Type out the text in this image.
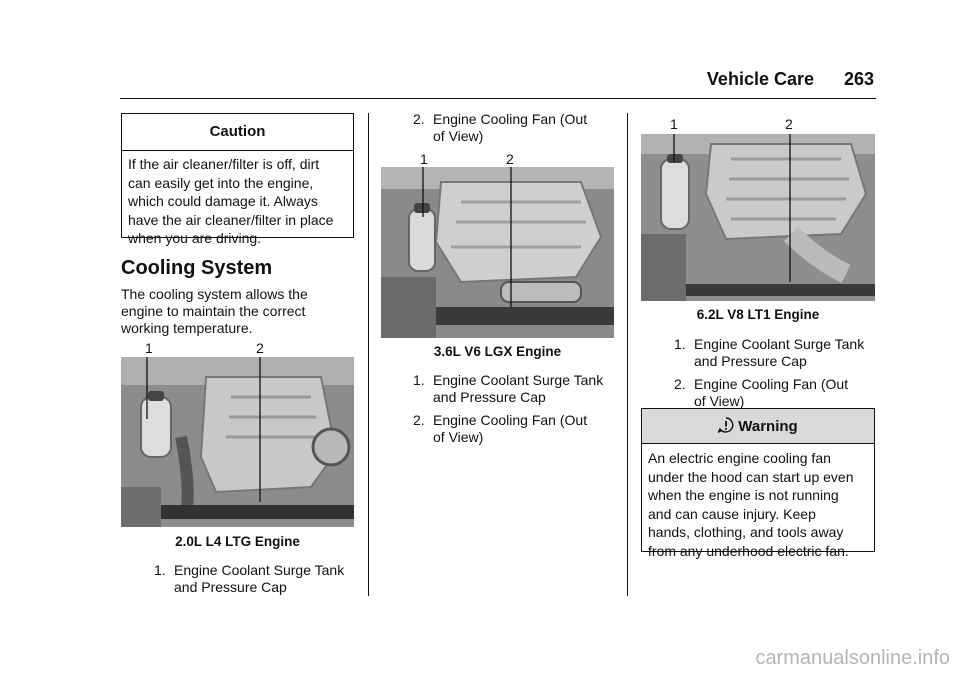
Vehicle Care 263
Caution
If the air cleaner/filter is off, dirt
can easily get into the engine,
which could damage it. Always
have the air cleaner/filter in place
when you are driving.
Cooling System
The cooling system allows the
engine to maintain the correct
working temperature.
1	2
2.0L L4 LTG Engine
1. Engine Coolant Surge Tank
and Pressure Cap
2. Engine Cooling Fan (Out
of View)
1	2
3.6L V6 LGX Engine
1. Engine Coolant Surge Tank
and Pressure Cap
2. Engine Cooling Fan (Out
of View)
1	2
6.2L V8 LT1 Engine
1. Engine Coolant Surge Tank
and Pressure Cap
2. Engine Cooling Fan (Out
of View)
Warning
An electric engine cooling fan
under the hood can start up even
when the engine is not running
and can cause injury. Keep
hands, clothing, and tools away
from any underhood electric fan.
carmanualsonline.info
